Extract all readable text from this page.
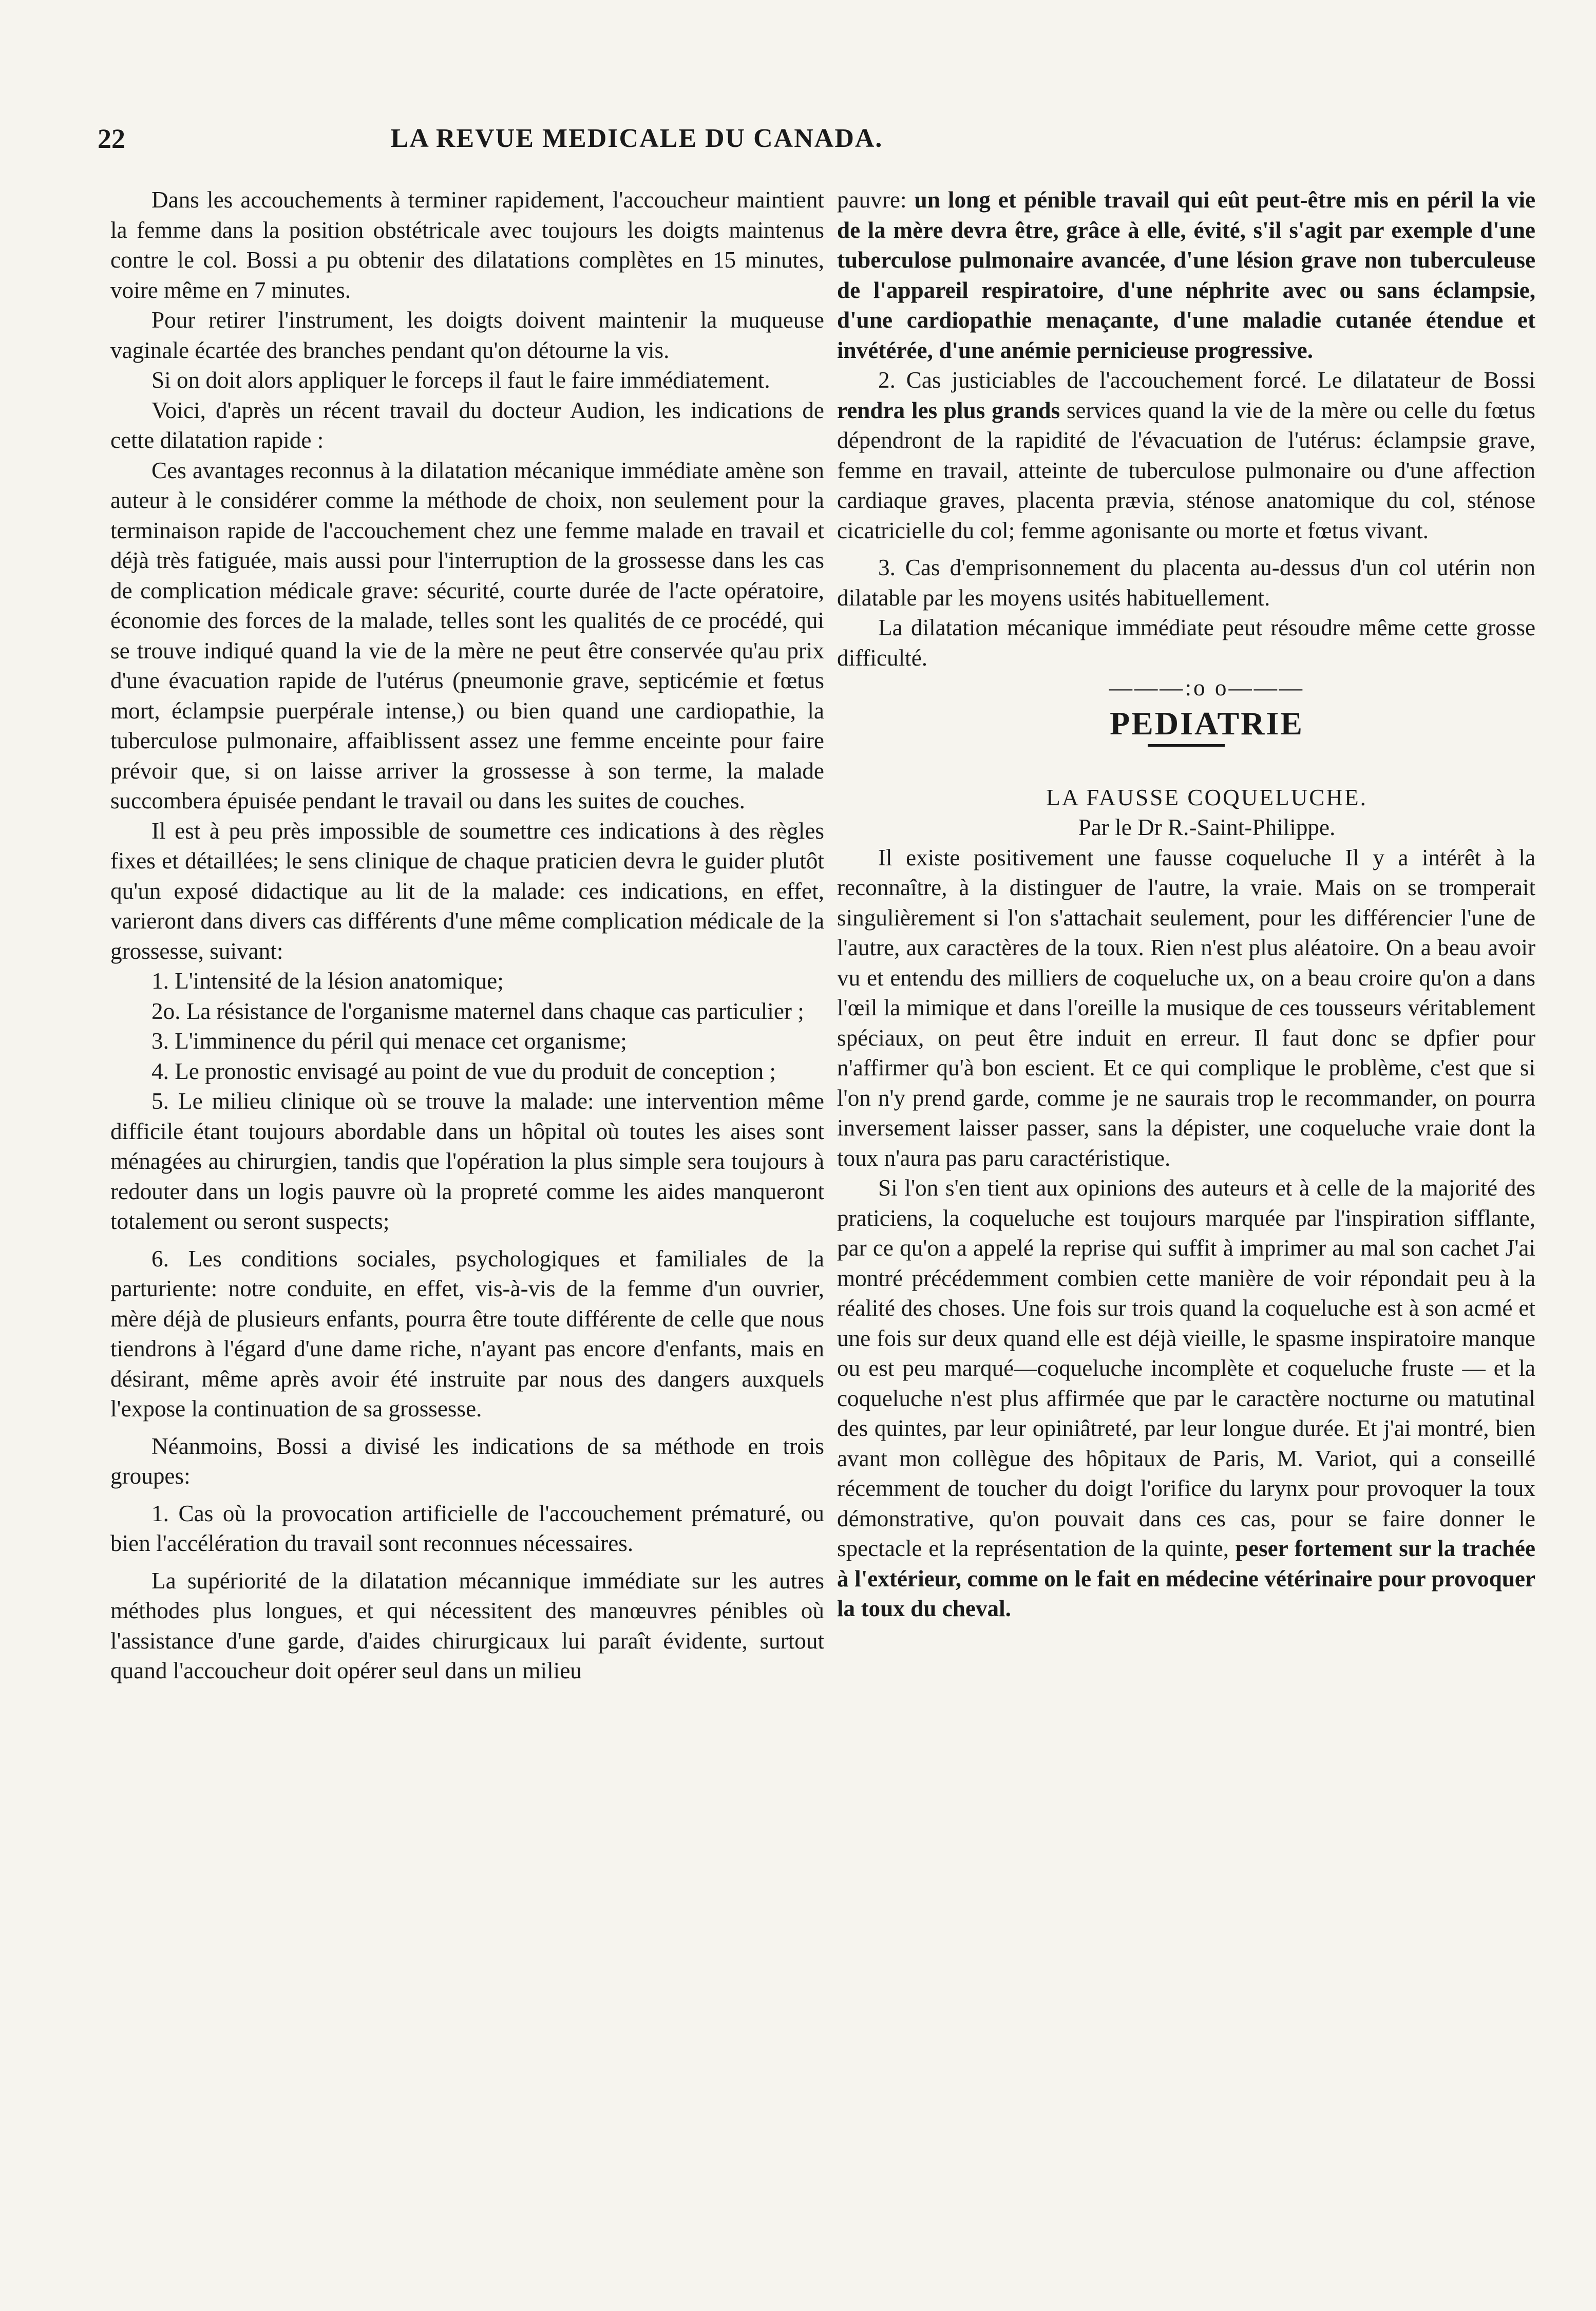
22	LA REVUE MEDICALE DU CANADA.

Dans les accouchements à terminer rapidement, l'accoucheur maintient la femme dans la position obstétricale avec toujours les doigts maintenus contre le col. Bossi a pu obtenir des dilatations complètes en 15 minutes, voire même en 7 minutes.

Pour retirer l'instrument, les doigts doivent maintenir la muqueuse vaginale écartée des branches pendant qu'on détourne la vis.

Si on doit alors appliquer le forceps il faut le faire immédiatement.

Voici, d'après un récent travail du docteur Audion, les indications de cette dilatation rapide :

Ces avantages reconnus à la dilatation mécanique immédiate amène son auteur à le considérer comme la méthode de choix, non seulement pour la terminaison rapide de l'accouchement chez une femme malade en travail et déjà très fatiguée, mais aussi pour l'interruption de la grossesse dans les cas de complication médicale grave: sécurité, courte durée de l'acte opératoire, économie des forces de la malade, telles sont les qualités de ce procédé, qui se trouve indiqué quand la vie de la mère ne peut être conservée qu'au prix d'une évacuation rapide de l'utérus (pneumonie grave, septicémie et fœtus mort, éclampsie puerpérale intense,) ou bien quand une cardiopathie, la tuberculose pulmonaire, affaiblissent assez une femme enceinte pour faire prévoir que, si on laisse arriver la grossesse à son terme, la malade succombera épuisée pendant le travail ou dans les suites de couches.

Il est à peu près impossible de soumettre ces indications à des règles fixes et détaillées; le sens clinique de chaque praticien devra le guider plutôt qu'un exposé didactique au lit de la malade: ces indications, en effet, varieront dans divers cas différents d'une même complication médicale de la grossesse, suivant:

1. L'intensité de la lésion anatomique;

2o. La résistance de l'organisme maternel dans chaque cas particulier ;

3. L'imminence du péril qui menace cet organisme;

4. Le pronostic envisagé au point de vue du produit de conception ;

5. Le milieu clinique où se trouve la malade: une intervention même difficile étant toujours abordable dans un hôpital où toutes les aises sont ménagées au chirurgien, tandis que l'opération la plus simple sera toujours à redouter dans un logis pauvre où la propreté comme les aides manqueront totalement ou seront suspects;

6. Les conditions sociales, psychologiques et familiales de la parturiente: notre conduite, en effet, vis-à-vis de la femme d'un ouvrier, mère déjà de plusieurs enfants, pourra être toute différente de celle que nous tiendrons à l'égard d'une dame riche, n'ayant pas encore d'enfants, mais en désirant, même après avoir été instruite par nous des dangers auxquels l'expose la continuation de sa grossesse.

Néanmoins, Bossi a divisé les indications de sa méthode en trois groupes:

1. Cas où la provocation artificielle de l'accouchement prématuré, ou bien l'accélération du travail sont reconnues nécessaires.

La supériorité de la dilatation mécannique immédiate sur les autres méthodes plus longues, et qui nécessitent des manœuvres pénibles où l'assistance d'une garde, d'aides chirurgicaux lui paraît évidente, surtout quand l'accoucheur doit opérer seul dans un milieu

pauvre: un long et pénible travail qui eût peut-être mis en péril la vie de la mère devra être, grâce à elle, évité, s'il s'agit par exemple d'une tuberculose pulmonaire avancée, d'une lésion grave non tuberculeuse de l'appareil respiratoire, d'une néphrite avec ou sans éclampsie, d'une cardiopathie menaçante, d'une maladie cutanée étendue et invétérée, d'une anémie pernicieuse progressive.

2. Cas justiciables de l'accouchement forcé. Le dilatateur de Bossi rendra les plus grands services quand la vie de la mère ou celle du fœtus dépendront de la rapidité de l'évacuation de l'utérus: éclampsie grave, femme en travail, atteinte de tuberculose pulmonaire ou d'une affection cardiaque graves, placenta prævia, sténose anatomique du col, sténose cicatricielle du col; femme agonisante ou morte et fœtus vivant.

3. Cas d'emprisonnement du placenta au-dessus d'un col utérin non dilatable par les moyens usités habituellement.

La dilatation mécanique immédiate peut résoudre même cette grosse difficulté.

———:o o———

PEDIATRIE

LA FAUSSE COQUELUCHE.

Par le Dr R.-Saint-Philippe.

Il existe positivement une fausse coqueluche Il y a intérêt à la reconnaître, à la distinguer de l'autre, la vraie. Mais on se tromperait singulièrement si l'on s'attachait seulement, pour les différencier l'une de l'autre, aux caractères de la toux. Rien n'est plus aléatoire. On a beau avoir vu et entendu des milliers de coqueluche ux, on a beau croire qu'on a dans l'œil la mimique et dans l'oreille la musique de ces tousseurs véritablement spéciaux, on peut être induit en erreur. Il faut donc se dpfier pour n'affirmer qu'à bon escient. Et ce qui complique le problème, c'est que si l'on n'y prend garde, comme je ne saurais trop le recommander, on pourra inversement laisser passer, sans la dépister, une coqueluche vraie dont la toux n'aura pas paru caractéristique.

Si l'on s'en tient aux opinions des auteurs et à celle de la majorité des praticiens, la coqueluche est toujours marquée par l'inspiration sifflante, par ce qu'on a appelé la reprise qui suffit à imprimer au mal son cachet J'ai montré précédemment combien cette manière de voir répondait peu à la réalité des choses. Une fois sur trois quand la coqueluche est à son acmé et une fois sur deux quand elle est déjà vieille, le spasme inspiratoire manque ou est peu marqué—coqueluche incomplète et coqueluche fruste — et la coqueluche n'est plus affirmée que par le caractère nocturne ou matutinal des quintes, par leur opiniâtreté, par leur longue durée. Et j'ai montré, bien avant mon collègue des hôpitaux de Paris, M. Variot, qui a conseillé récemment de toucher du doigt l'orifice du larynx pour provoquer la toux démonstrative, qu'on pouvait dans ces cas, pour se faire donner le spectacle et la représentation de la quinte, peser fortement sur la trachée à l'extérieur, comme on le fait en médecine vétérinaire pour provoquer la toux du cheval.
